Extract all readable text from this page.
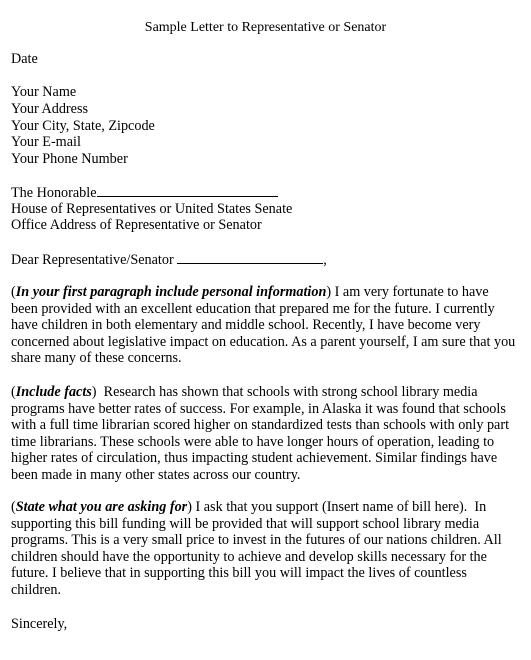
Sample Letter to Representative or Senator
Date
Your Name
Your Address
Your City, State, Zipcode
Your E-mail
Your Phone Number
The Honorable
House of Representatives or United States Senate
Office Address of Representative or Senator
Dear Representative/Senator	,
(In your first paragraph include personal information) I am very fortunate to have
been provided with an excellent education that prepared me for the future. I currently
have children in both elementary and middle school. Recently, I have become very
concerned about legislative impact on education. As a parent yourself, I am sure that you
share many of these concerns.
(Include facts)  Research has shown that schools with strong school library media
programs have better rates of success. For example, in Alaska it was found that schools
with a full time librarian scored higher on standardized tests than schools with only part
time librarians. These schools were able to have longer hours of operation, leading to
higher rates of circulation, thus impacting student achievement. Similar findings have
been made in many other states across our country.
(State what you are asking for) I ask that you support (Insert name of bill here).  In
supporting this bill funding will be provided that will support school library media
programs. This is a very small price to invest in the futures of our nations children. All
children should have the opportunity to achieve and develop skills necessary for the
future. I believe that in supporting this bill you will impact the lives of countless
children.
Sincerely,
